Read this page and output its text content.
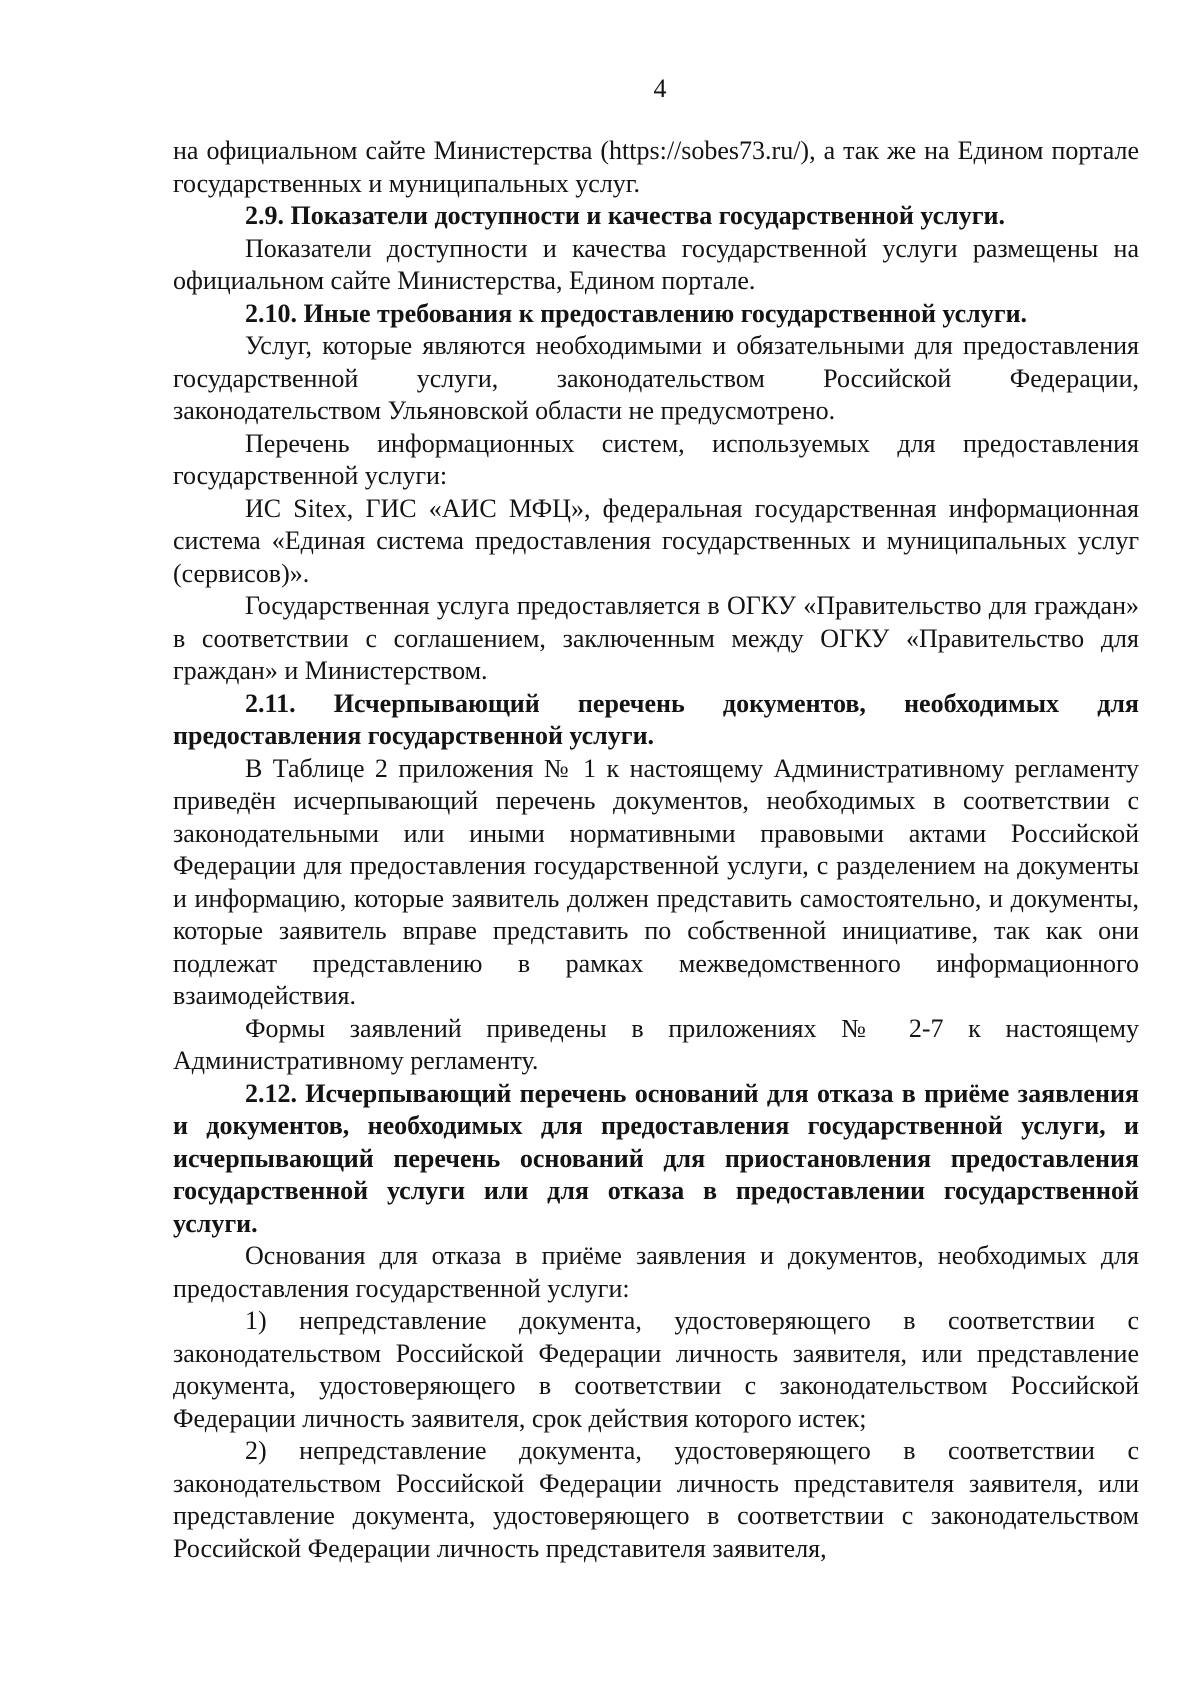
4

на официальном сайте Министерства (https://sobes73.ru/), а так же на Едином портале государственных и муниципальных услуг.

2.9. Показатели доступности и качества государственной услуги.

Показатели доступности и качества государственной услуги размещены на официальном сайте Министерства, Едином портале.

2.10. Иные требования к предоставлению государственной услуги.

Услуг, которые являются необходимыми и обязательными для предоставления государственной услуги, законодательством Российской Федерации, законодательством Ульяновской области не предусмотрено.

Перечень информационных систем, используемых для предоставления государственной услуги:

ИС Sitex, ГИС «АИС МФЦ», федеральная государственная информационная система «Единая система предоставления государственных и муниципальных услуг (сервисов)».

Государственная услуга предоставляется в ОГКУ «Правительство для граждан» в соответствии с соглашением, заключенным между ОГКУ «Правительство для граждан» и Министерством.

2.11. Исчерпывающий перечень документов, необходимых для предоставления государственной услуги.

В Таблице 2 приложения № 1 к настоящему Административному регламенту приведён исчерпывающий перечень документов, необходимых в соответствии с законодательными или иными нормативными правовыми актами Российской Федерации для предоставления государственной услуги, с разделением на документы и информацию, которые заявитель должен представить самостоятельно, и документы, которые заявитель вправе представить по собственной инициативе, так как они подлежат представлению в рамках межведомственного информационного взаимодействия.

Формы заявлений приведены в приложениях № 2-7 к настоящему Административному регламенту.

2.12. Исчерпывающий перечень оснований для отказа в приёме заявления и документов, необходимых для предоставления государственной услуги, и исчерпывающий перечень оснований для приостановления предоставления государственной услуги или для отказа в предоставлении государственной услуги.

Основания для отказа в приёме заявления и документов, необходимых для предоставления государственной услуги:

1) непредставление документа, удостоверяющего в соответствии с законодательством Российской Федерации личность заявителя, или представление документа, удостоверяющего в соответствии с законодательством Российской Федерации личность заявителя, срок действия которого истек;

2) непредставление документа, удостоверяющего в соответствии с законодательством Российской Федерации личность представителя заявителя, или представление документа, удостоверяющего в соответствии с законодательством Российской Федерации личность представителя заявителя,
